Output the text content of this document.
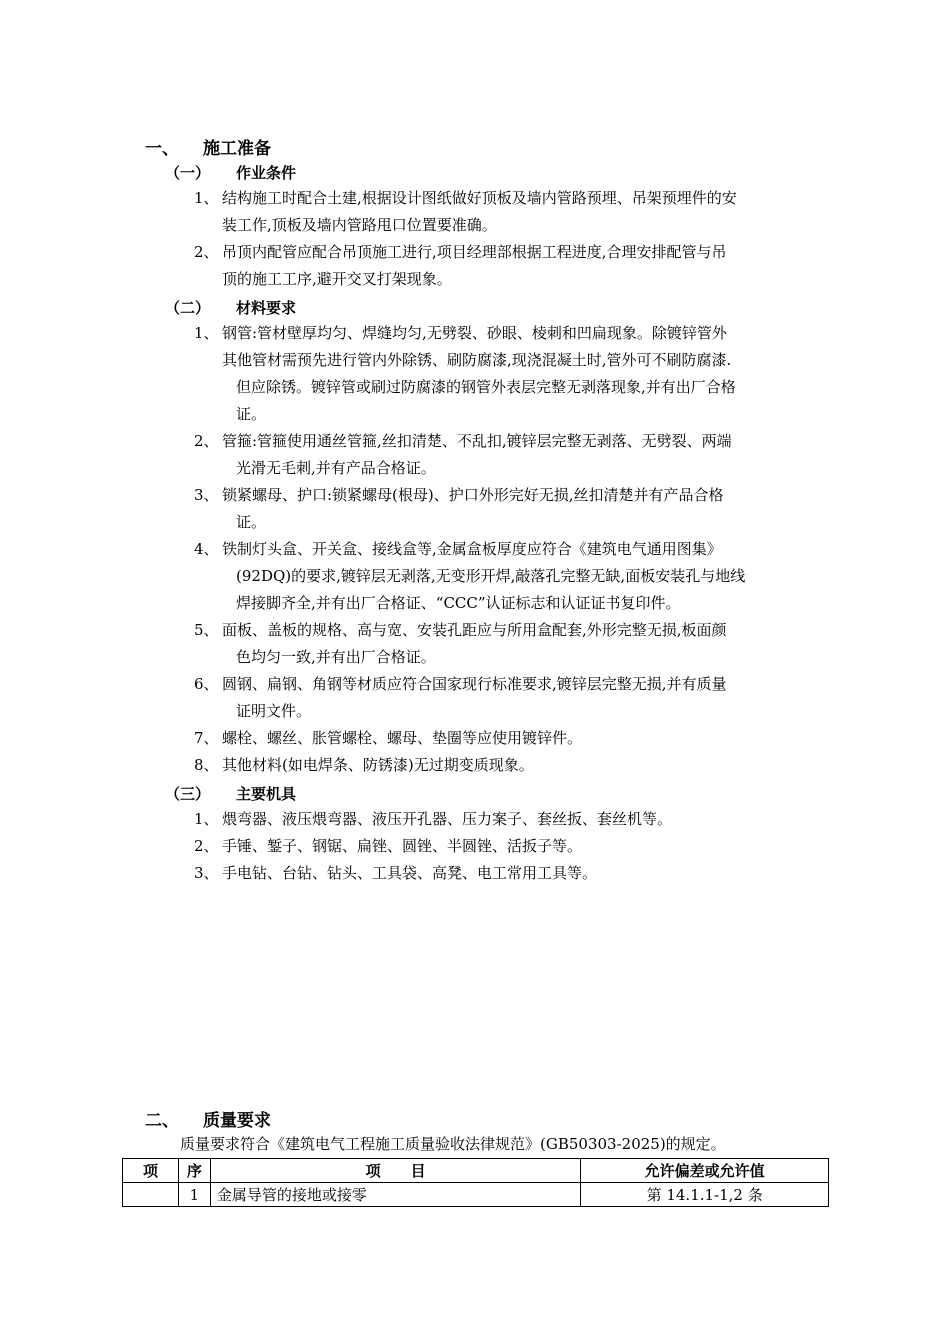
一、 施工准备
（一） 作业条件
1、 结构施工时配合土建,根据设计图纸做好顶板及墙内管路预埋、吊架预埋件的安
装工作,顶板及墙内管路甩口位置要准确。
2、 吊顶内配管应配合吊顶施工进行,项目经理部根据工程进度,合理安排配管与吊
顶的施工工序,避开交叉打架现象。
（二） 材料要求
1、 钢管:管材壁厚均匀、焊缝均匀,无劈裂、砂眼、棱刺和凹扁现象。除镀锌管外
其他管材需预先进行管内外除锈、刷防腐漆,现浇混凝土时,管外可不刷防腐漆.
但应除锈。镀锌管或刷过防腐漆的钢管外表层完整无剥落现象,并有出厂合格
证。
2、 管箍:管箍使用通丝管箍,丝扣清楚、不乱扣,镀锌层完整无剥落、无劈裂、两端
光滑无毛刺,并有产品合格证。
3、 锁紧螺母、护口:锁紧螺母(根母)、护口外形完好无损,丝扣清楚并有产品合格
证。
4、 铁制灯头盒、开关盒、接线盒等,金属盒板厚度应符合《建筑电气通用图集》
(92DQ)的要求,镀锌层无剥落,无变形开焊,敲落孔完整无缺,面板安装孔与地线
焊接脚齐全,并有出厂合格证、“CCC”认证标志和认证证书复印件。
5、 面板、盖板的规格、高与宽、安装孔距应与所用盒配套,外形完整无损,板面颜
色均匀一致,并有出厂合格证。
6、 圆钢、扁钢、角钢等材质应符合国家现行标准要求,镀锌层完整无损,并有质量
证明文件。
7、 螺栓、螺丝、胀管螺栓、螺母、垫圈等应使用镀锌件。
8、 其他材料(如电焊条、防锈漆)无过期变质现象。
（三） 主要机具
1、 煨弯器、液压煨弯器、液压开孔器、压力案子、套丝扳、套丝机等。
2、 手锤、錾子、钢锯、扁锉、圆锉、半圆锉、活扳子等。
3、 手电钻、台钻、钻头、工具袋、高凳、电工常用工具等。
二、 质量要求
质量要求符合《建筑电气工程施工质量验收法律规范》(GB50303-2025)的规定。
项	序	项　　目	允许偏差或允许值
	1	金属导管的接地或接零	第 14.1.1-1,2 条
